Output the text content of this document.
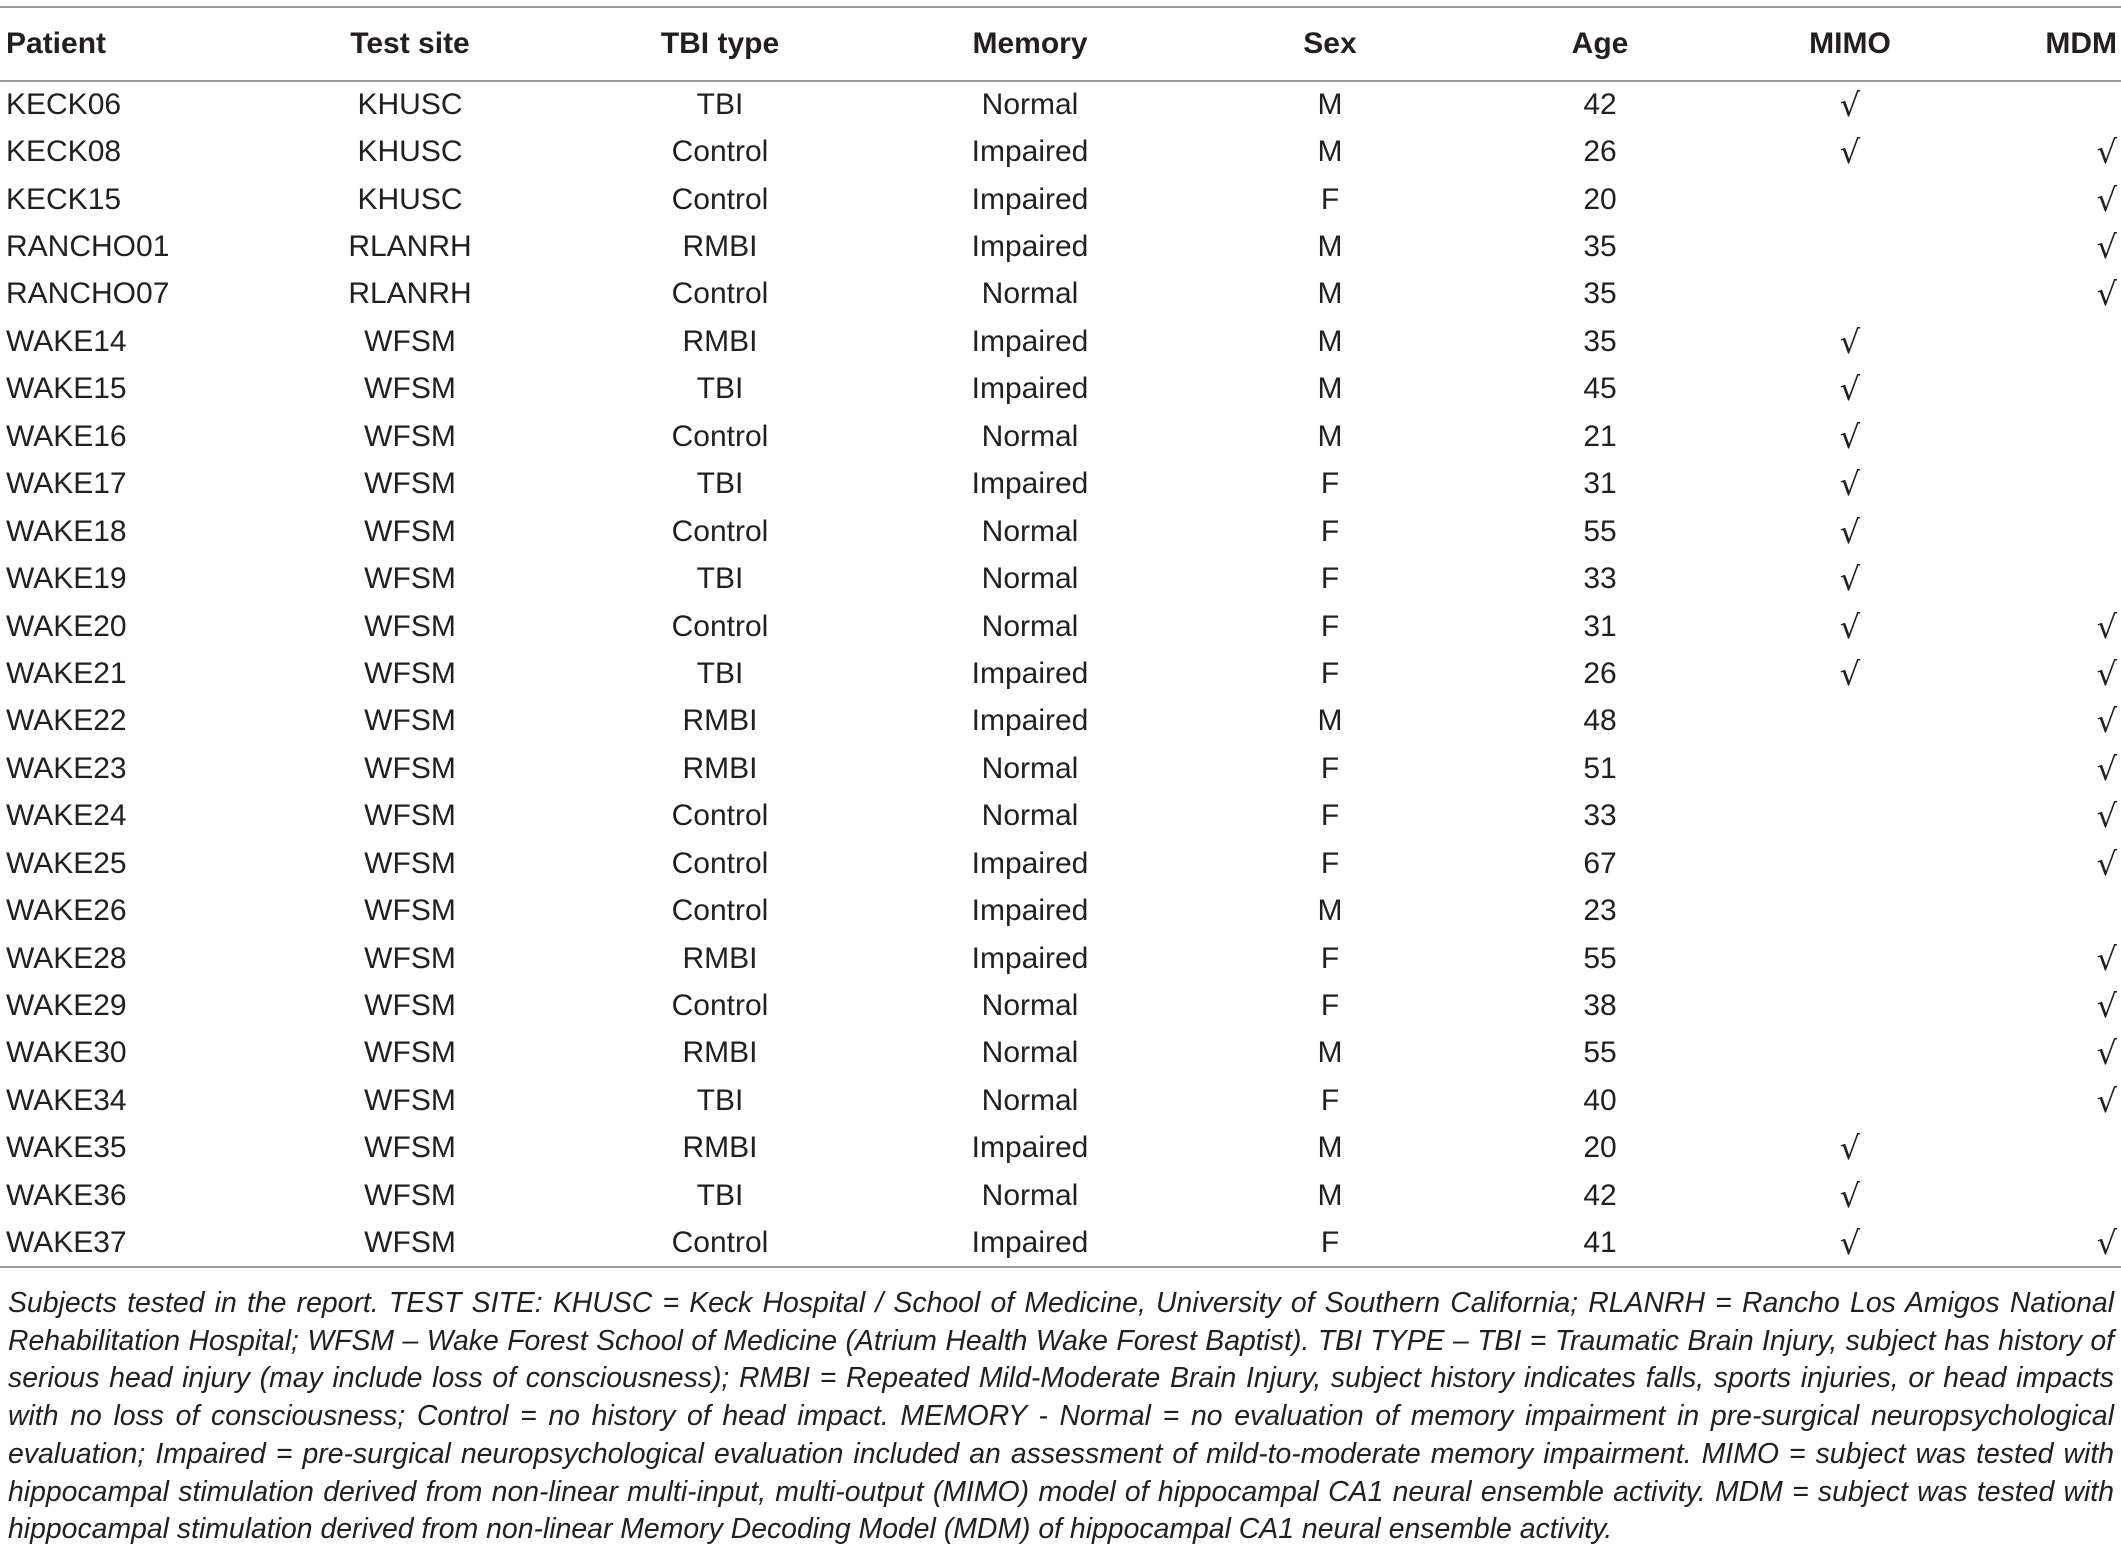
Patient	Test site	TBI type	Memory	Sex	Age	MIMO	MDM
KECK06	KHUSC	TBI	Normal	M	42	√	
KECK08	KHUSC	Control	Impaired	M	26	√	√
KECK15	KHUSC	Control	Impaired	F	20		√
RANCHO01	RLANRH	RMBI	Impaired	M	35		√
RANCHO07	RLANRH	Control	Normal	M	35		√
WAKE14	WFSM	RMBI	Impaired	M	35	√	
WAKE15	WFSM	TBI	Impaired	M	45	√	
WAKE16	WFSM	Control	Normal	M	21	√	
WAKE17	WFSM	TBI	Impaired	F	31	√	
WAKE18	WFSM	Control	Normal	F	55	√	
WAKE19	WFSM	TBI	Normal	F	33	√	
WAKE20	WFSM	Control	Normal	F	31	√	√
WAKE21	WFSM	TBI	Impaired	F	26	√	√
WAKE22	WFSM	RMBI	Impaired	M	48		√
WAKE23	WFSM	RMBI	Normal	F	51		√
WAKE24	WFSM	Control	Normal	F	33		√
WAKE25	WFSM	Control	Impaired	F	67		√
WAKE26	WFSM	Control	Impaired	M	23		
WAKE28	WFSM	RMBI	Impaired	F	55		√
WAKE29	WFSM	Control	Normal	F	38		√
WAKE30	WFSM	RMBI	Normal	M	55		√
WAKE34	WFSM	TBI	Normal	F	40		√
WAKE35	WFSM	RMBI	Impaired	M	20	√	
WAKE36	WFSM	TBI	Normal	M	42	√	
WAKE37	WFSM	Control	Impaired	F	41	√	√
Subjects tested in the report. TEST SITE: KHUSC = Keck Hospital / School of Medicine, University of Southern California; RLANRH = Rancho Los Amigos National Rehabilitation Hospital; WFSM – Wake Forest School of Medicine (Atrium Health Wake Forest Baptist). TBI TYPE – TBI = Traumatic Brain Injury, subject has history of serious head injury (may include loss of consciousness); RMBI = Repeated Mild-Moderate Brain Injury, subject history indicates falls, sports injuries, or head impacts with no loss of consciousness; Control = no history of head impact. MEMORY - Normal = no evaluation of memory impairment in pre-surgical neuropsychological evaluation; Impaired = pre-surgical neuropsychological evaluation included an assessment of mild-to-moderate memory impairment. MIMO = subject was tested with hippocampal stimulation derived from non-linear multi-input, multi-output (MIMO) model of hippocampal CA1 neural ensemble activity. MDM = subject was tested with hippocampal stimulation derived from non-linear Memory Decoding Model (MDM) of hippocampal CA1 neural ensemble activity.
